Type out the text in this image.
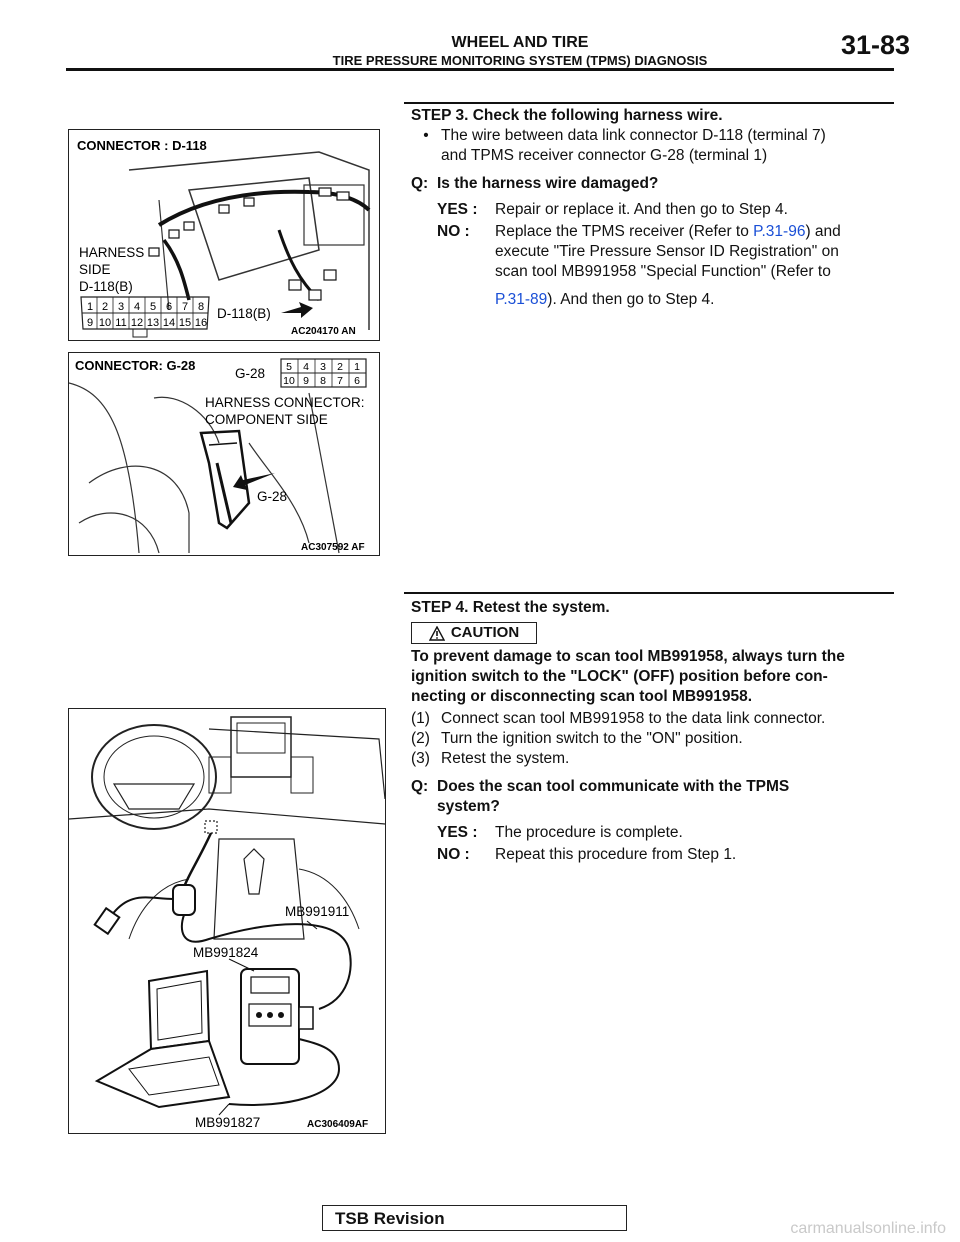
WHEEL AND TIRE
TIRE PRESSURE MONITORING SYSTEM (TPMS) DIAGNOSIS
31-83
CONNECTOR : D-118
HARNESS
SIDE
D-118(B)
1 2 3 4 5 6 7 8
9 10 11 12 13 14 15 16
D-118(B)
AC204170 AN
CONNECTOR: G-28
G-28 5 4 3 2 1
10 9 8 7 6
HARNESS CONNECTOR:
COMPONENT SIDE
G-28
AC307592 AF
MB991911
MB991824
MB991827	AC306409AF
STEP 3. Check the following harness wire.
• The wire between data link connector D-118 (terminal 7)
and TPMS receiver connector G-28 (terminal 1)
Q: Is the harness wire damaged?
YES :	Repair or replace it. And then go to Step 4.
NO :	Replace the TPMS receiver (Refer to P.31-96) and
execute "Tire Pressure Sensor ID Registration" on
scan tool MB991958 "Special Function" (Refer to
P.31-89). And then go to Step 4.
STEP 4. Retest the system.
CAUTION
To prevent damage to scan tool MB991958, always turn the
ignition switch to the "LOCK" (OFF) position before con-
necting or disconnecting scan tool MB991958.
(1) Connect scan tool MB991958 to the data link connector.
(2) Turn the ignition switch to the "ON" position.
(3) Retest the system.
Q: Does the scan tool communicate with the TPMS
system?
YES :	The procedure is complete.
NO :	Repeat this procedure from Step 1.
TSB Revision
carmanualsonline.info
